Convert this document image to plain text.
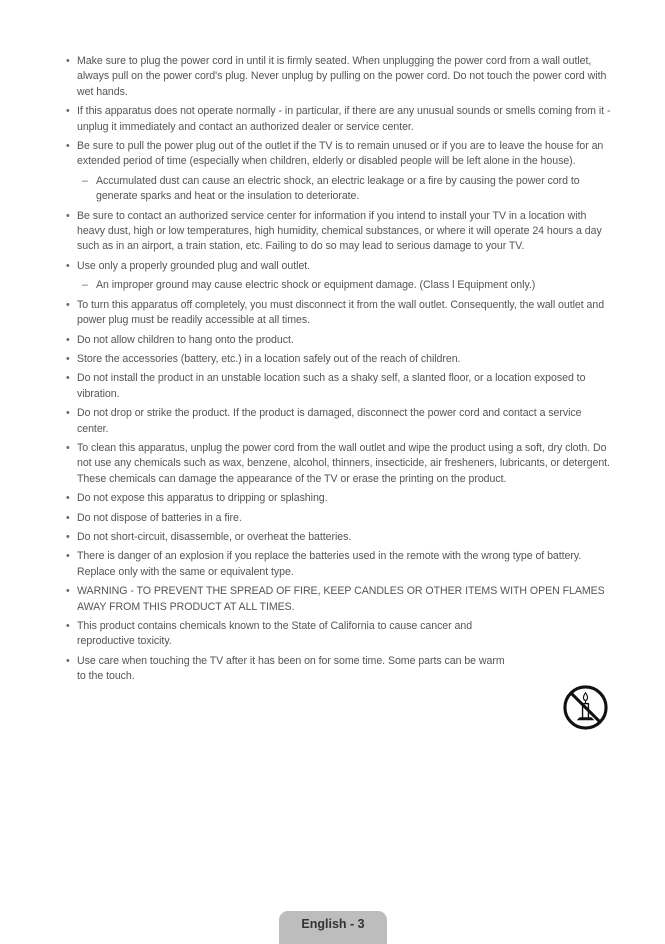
• Make sure to plug the power cord in until it is firmly seated. When unplugging the power cord from a wall outlet, always pull on the power cord's plug. Never unplug by pulling on the power cord. Do not touch the power cord with wet hands.
• If this apparatus does not operate normally - in particular, if there are any unusual sounds or smells coming from it - unplug it immediately and contact an authorized dealer or service center.
• Be sure to pull the power plug out of the outlet if the TV is to remain unused or if you are to leave the house for an extended period of time (especially when children, elderly or disabled people will be left alone in the house).
– Accumulated dust can cause an electric shock, an electric leakage or a fire by causing the power cord to generate sparks and heat or the insulation to deteriorate.
• Be sure to contact an authorized service center for information if you intend to install your TV in a location with heavy dust, high or low temperatures, high humidity, chemical substances, or where it will operate 24 hours a day such as in an airport, a train station, etc. Failing to do so may lead to serious damage to your TV.
• Use only a properly grounded plug and wall outlet.
– An improper ground may cause electric shock or equipment damage. (Class l Equipment only.)
• To turn this apparatus off completely, you must disconnect it from the wall outlet. Consequently, the wall outlet and power plug must be readily accessible at all times.
• Do not allow children to hang onto the product.
• Store the accessories (battery, etc.) in a location safely out of the reach of children.
• Do not install the product in an unstable location such as a shaky self, a slanted floor, or a location exposed to vibration.
• Do not drop or strike the product. If the product is damaged, disconnect the power cord and contact a service center.
• To clean this apparatus, unplug the power cord from the wall outlet and wipe the product using a soft, dry cloth. Do not use any chemicals such as wax, benzene, alcohol, thinners, insecticide, air fresheners, lubricants, or detergent. These chemicals can damage the appearance of the TV or erase the printing on the product.
• Do not expose this apparatus to dripping or splashing.
• Do not dispose of batteries in a fire.
• Do not short-circuit, disassemble, or overheat the batteries.
• There is danger of an explosion if you replace the batteries used in the remote with the wrong type of battery. Replace only with the same or equivalent type.
• WARNING - TO PREVENT THE SPREAD OF FIRE, KEEP CANDLES OR OTHER ITEMS WITH OPEN FLAMES AWAY FROM THIS PRODUCT AT ALL TIMES.
• This product contains chemicals known to the State of California to cause cancer and reproductive toxicity.
• Use care when touching the TV after it has been on for some time. Some parts can be warm to the touch.
English - 3
